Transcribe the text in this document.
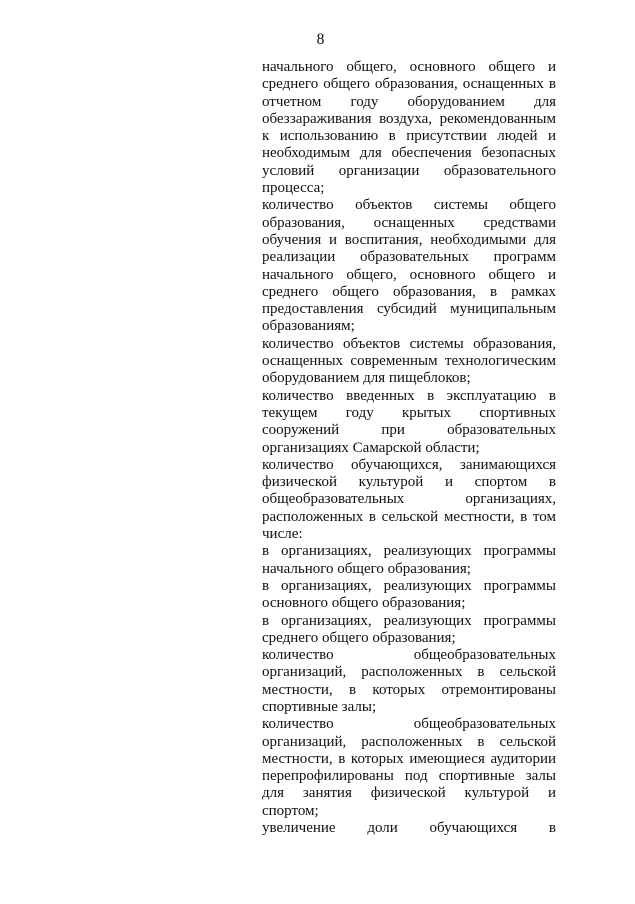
8

начального общего, основного общего и среднего общего образования, оснащенных в отчетном году оборудованием для обеззараживания воздуха, рекомендованным к использованию в присутствии людей и необходимым для обеспечения безопасных условий организации образовательного процесса;

количество объектов системы общего образования, оснащенных средствами обучения и воспитания, необходимыми для реализации образовательных программ начального общего, основного общего и среднего общего образования, в рамках предоставления субсидий муниципальным образованиям;

количество объектов системы образования, оснащенных современным технологическим оборудованием для пищеблоков;

количество введенных в эксплуатацию в текущем году крытых спортивных сооружений при образовательных организациях Самарской области;

количество обучающихся, занимающихся физической культурой и спортом в общеобразовательных организациях, расположенных в сельской местности, в том числе:

в организациях, реализующих программы начального общего образования;

в организациях, реализующих программы основного общего образования;

в организациях, реализующих программы среднего общего образования;

количество общеобразовательных организаций, расположенных в сельской местности, в которых отремонтированы спортивные залы;

количество общеобразовательных организаций, расположенных в сельской местности, в которых имеющиеся аудитории перепрофилированы под спортивные залы для занятия физической культурой и спортом;

увеличение доли обучающихся в
